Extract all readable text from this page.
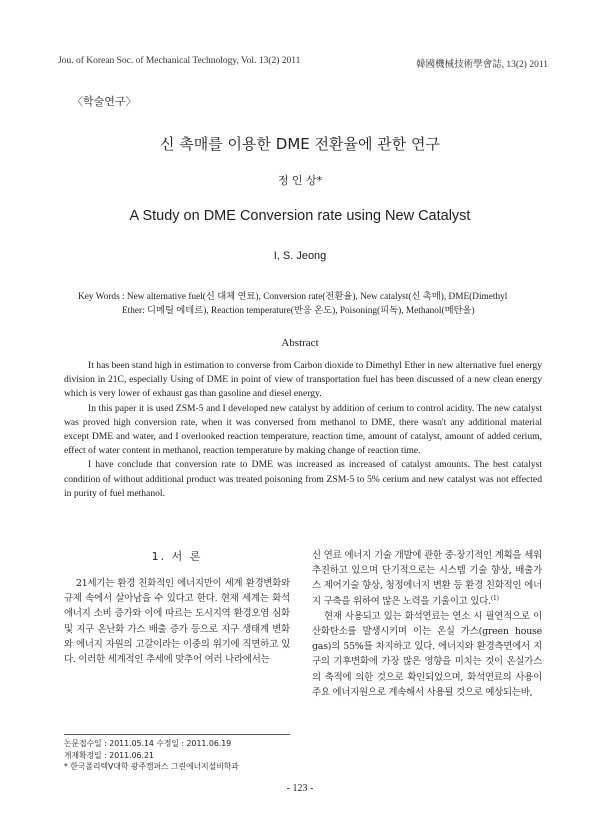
Jou. of Korean Soc. of Mechanical Technology, Vol. 13(2) 2011	韓國機械技術學會誌, 13(2) 2011
〈학술연구〉
신 촉매를 이용한 DME 전환율에 관한 연구
정 인 상*
A Study on DME Conversion rate using New Catalyst
I, S. Jeong
Key Words : New alternative fuel(신 대체 연료), Conversion rate(전환율), New catalyst(신 촉매), DME(Dimethyl
Ether: 디메틸 에테르), Reaction temperature(반응 온도), Poisoning(피독), Methanol(메탄올)
Abstract

It has been stand high in estimation to converse from Carbon dioxide to Dimethyl Ether in new alternative fuel energy division in 21C, especially Using of DME in point of view of transportation fuel has been discussed of a new clean energy which is very lower of exhaust gas than gasoline and diesel energy.

In this paper it is used ZSM-5 and I developed new catalyst by addition of cerium to control acidity. The new catalyst was proved high conversion rate, when it was conversed from methanol to DME, there wasn't any additional material except DME and water, and I overlooked reaction temperature, reaction time, amount of catalyst, amount of added cerium, effect of water content in methanol, reaction temperature by making change of reaction time.

I have conclude that conversion rate to DME was increased as increased of catalyst amounts. The best catalyst condition of without additional product was treated poisoning from ZSM-5 to 5% cerium and new catalyst was not effected in purity of fuel methanol.

1. 서 론

21세기는 환경 친화적인 에너지만이 세계 환경변화와 규제 속에서 살아남을 수 있다고 한다. 현재 세계는 화석 에너지 소비 증가와 이에 따르는 도시지역 환경오염 심화 및 지구 온난화 가스 배출 증가 등으로 지구 생태계 변화와 에너지 자원의 고갈이라는 이중의 위기에 직면하고 있다. 이러한 세계적인 추세에 맞추어 여러 나라에서는

신 연료 에너지 기술 개발에 관한 중·장기적인 계획을 세워 추진하고 있으며 단기적으로는 시스템 기술 향상, 배출가스 제어기술 향상, 청정에너지 변환 등 환경 친화적인 에너지 구축을 위하여 많은 노력을 기울이고 있다.$^{(1)}$

현재 사용되고 있는 화석연료는 연소 시 필연적으로 이산화탄소를 발생시키며 이는 온실 가스(green house gas)의 55%를 차지하고 있다. 에너지와 환경측면에서 지구의 기후변화에 가장 많은 영향을 미치는 것이 온실가스의 축적에 의한 것으로 확인되었으며, 화석연료의 사용이 주요 에너지원으로 계속해서 사용될 것으로 예상되는바,

논문접수일 : 2011.05.14 수정일 : 2011.06.19
게재확정일 : 2011.06.21
* 한국폴리텍V대학 광주캠퍼스 그린에너지설비학과
- 123 -
